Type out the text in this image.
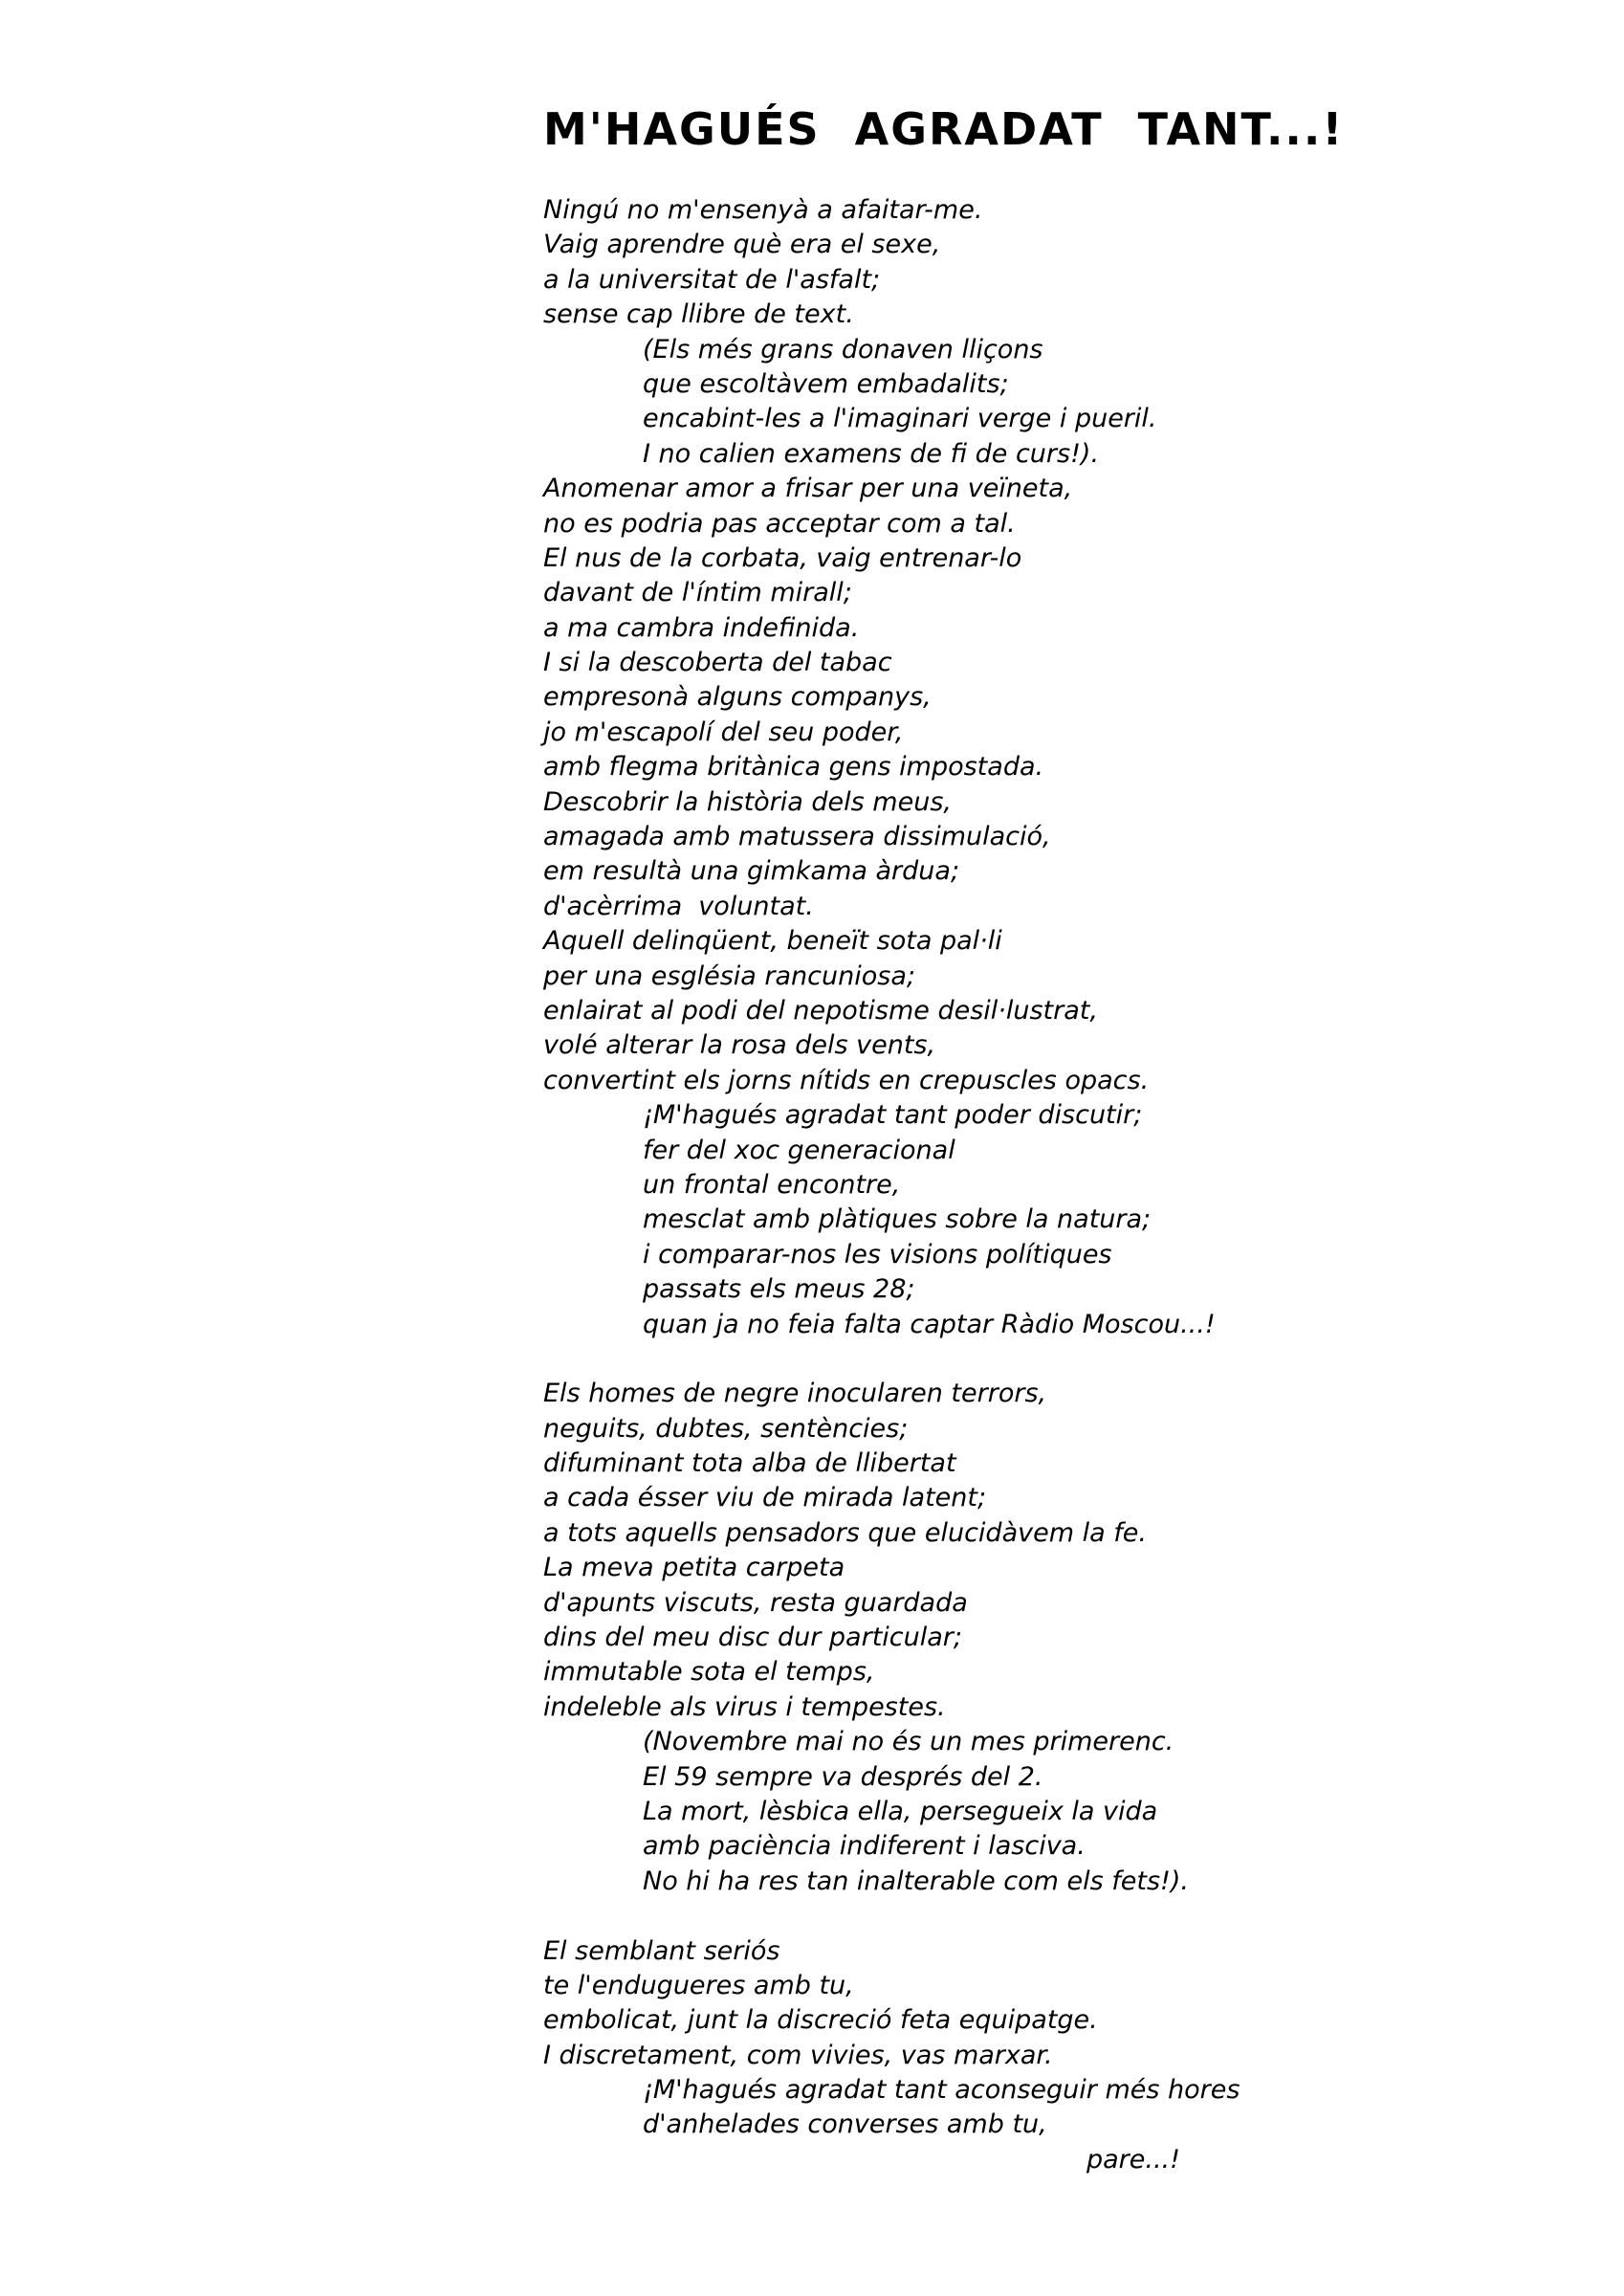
M'HAGUÉS  AGRADAT  TANT...!
Ningú no m'ensenyà a afaitar-me.
Vaig aprendre què era el sexe,
a la universitat de l'asfalt;
sense cap llibre de text.
(Els més grans donaven lliçons
que escoltàvem embadalits;
encabint-les a l'imaginari verge i pueril.
I no calien examens de fi de curs!).
Anomenar amor a frisar per una veïneta,
no es podria pas acceptar com a tal.
El nus de la corbata, vaig entrenar-lo
davant de l'íntim mirall;
a ma cambra indefinida.
I si la descoberta del tabac
empresonà alguns companys,
jo m'escapolí del seu poder,
amb flegma britànica gens impostada.
Descobrir la història dels meus,
amagada amb matussera dissimulació,
em resultà una gimkama àrdua;
d'acèrrima  voluntat.
Aquell delinqüent, beneït sota pal·li
per una església rancuniosa;
enlairat al podi del nepotisme desil·lustrat,
volé alterar la rosa dels vents,
convertint els jorns nítids en crepuscles opacs.
¡M'hagués agradat tant poder discutir;
fer del xoc generacional
un frontal encontre,
mesclat amb plàtiques sobre la natura;
i comparar-nos les visions polítiques
passats els meus 28;
quan ja no feia falta captar Ràdio Moscou...!
Els homes de negre inocularen terrors,
neguits, dubtes, sentències;
difuminant tota alba de llibertat
a cada ésser viu de mirada latent;
a tots aquells pensadors que elucidàvem la fe.
La meva petita carpeta
d'apunts viscuts, resta guardada
dins del meu disc dur particular;
immutable sota el temps,
indeleble als virus i tempestes.
(Novembre mai no és un mes primerenc.
El 59 sempre va després del 2.
La mort, lèsbica ella, persegueix la vida
amb paciència indiferent i lasciva.
No hi ha res tan inalterable com els fets!).
El semblant seriós
te l'endugueres amb tu,
embolicat, junt la discreció feta equipatge.
I discretament, com vivies, vas marxar.
¡M'hagués agradat tant aconseguir més hores
d'anhelades converses amb tu,
pare...!
